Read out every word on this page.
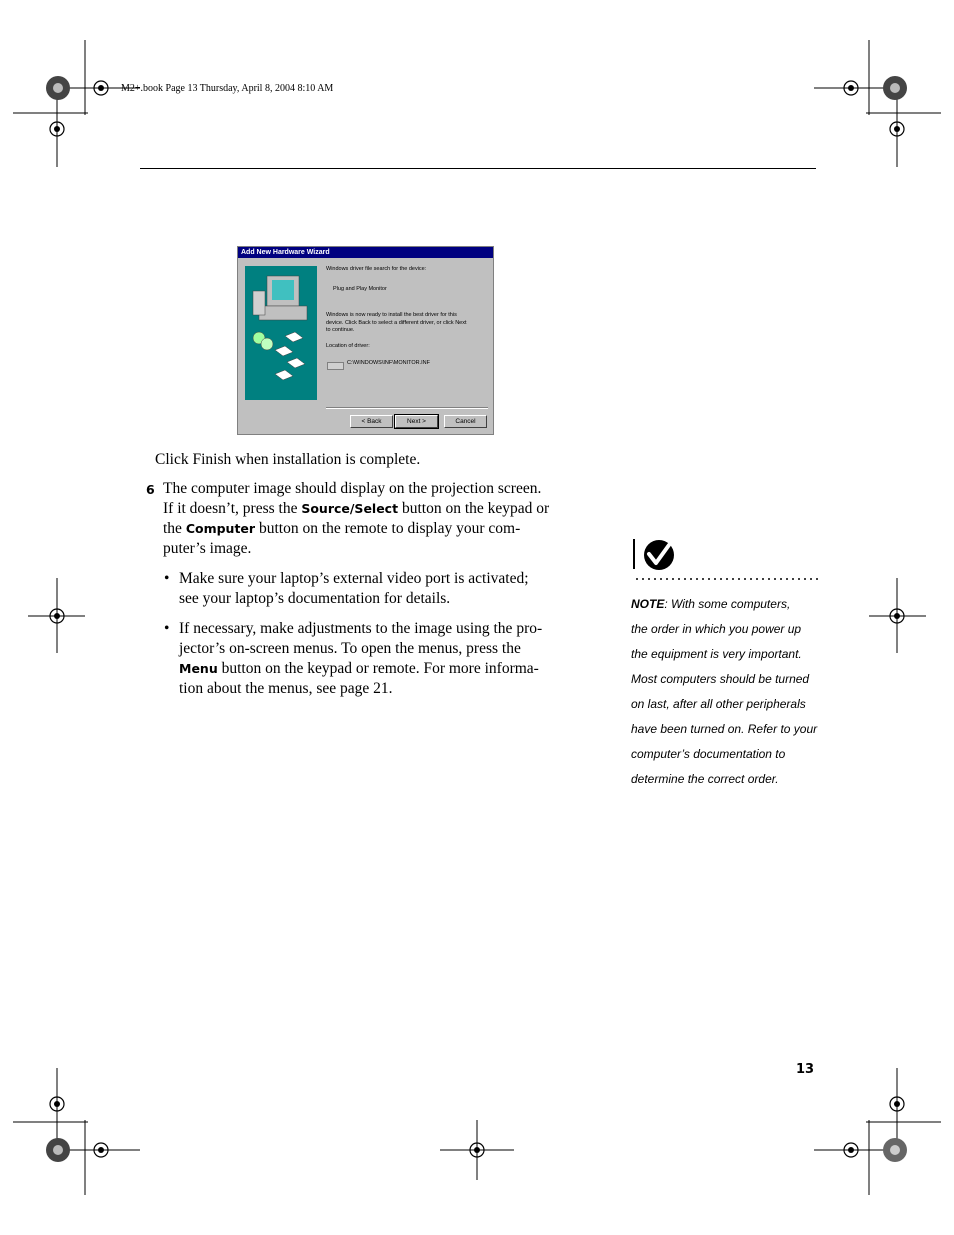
M2+.book Page 13 Thursday, April 8, 2004 8:10 AM
Add New Hardware Wizard
Windows driver file search for the device:
Plug and Play Monitor
Windows is now ready to install the best driver for this
device. Click Back to select a different driver, or click Next
to continue.
Location of driver:
C:\WINDOWS\INF\MONITOR.INF
< Back	Next >	Cancel
Click Finish when installation is complete.
6 The computer image should display on the projection screen.
If it doesn’t, press the Source/Select button on the keypad or
the Computer button on the remote to display your com-
puter’s image.
• Make sure your laptop’s external video port is activated;
see your laptop’s documentation for details.
• If necessary, make adjustments to the image using the pro-
jector’s on-screen menus. To open the menus, press the
Menu button on the keypad or remote. For more informa-
tion about the menus, see page 21.
NOTE: With some computers,
the order in which you power up
the equipment is very important.
Most computers should be turned
on last, after all other peripherals
have been turned on. Refer to your
computer’s documentation to
determine the correct order.
13
